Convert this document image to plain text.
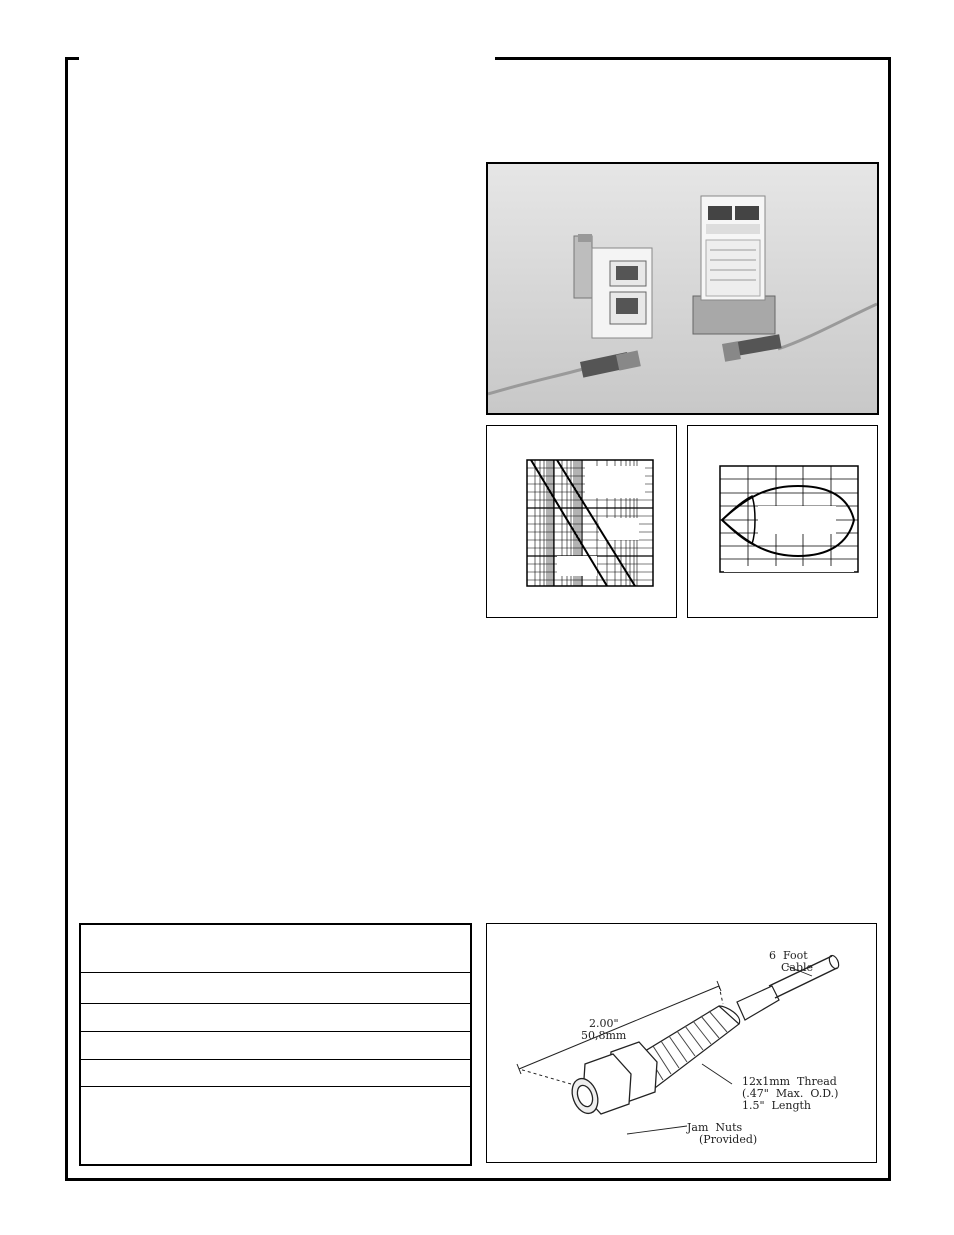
6  Foot
Cable
2.00"
50,8mm
12x1mm  Thread
(.47"  Max.  O.D.)
1.5"  Length
Jam  Nuts
(Provided)
